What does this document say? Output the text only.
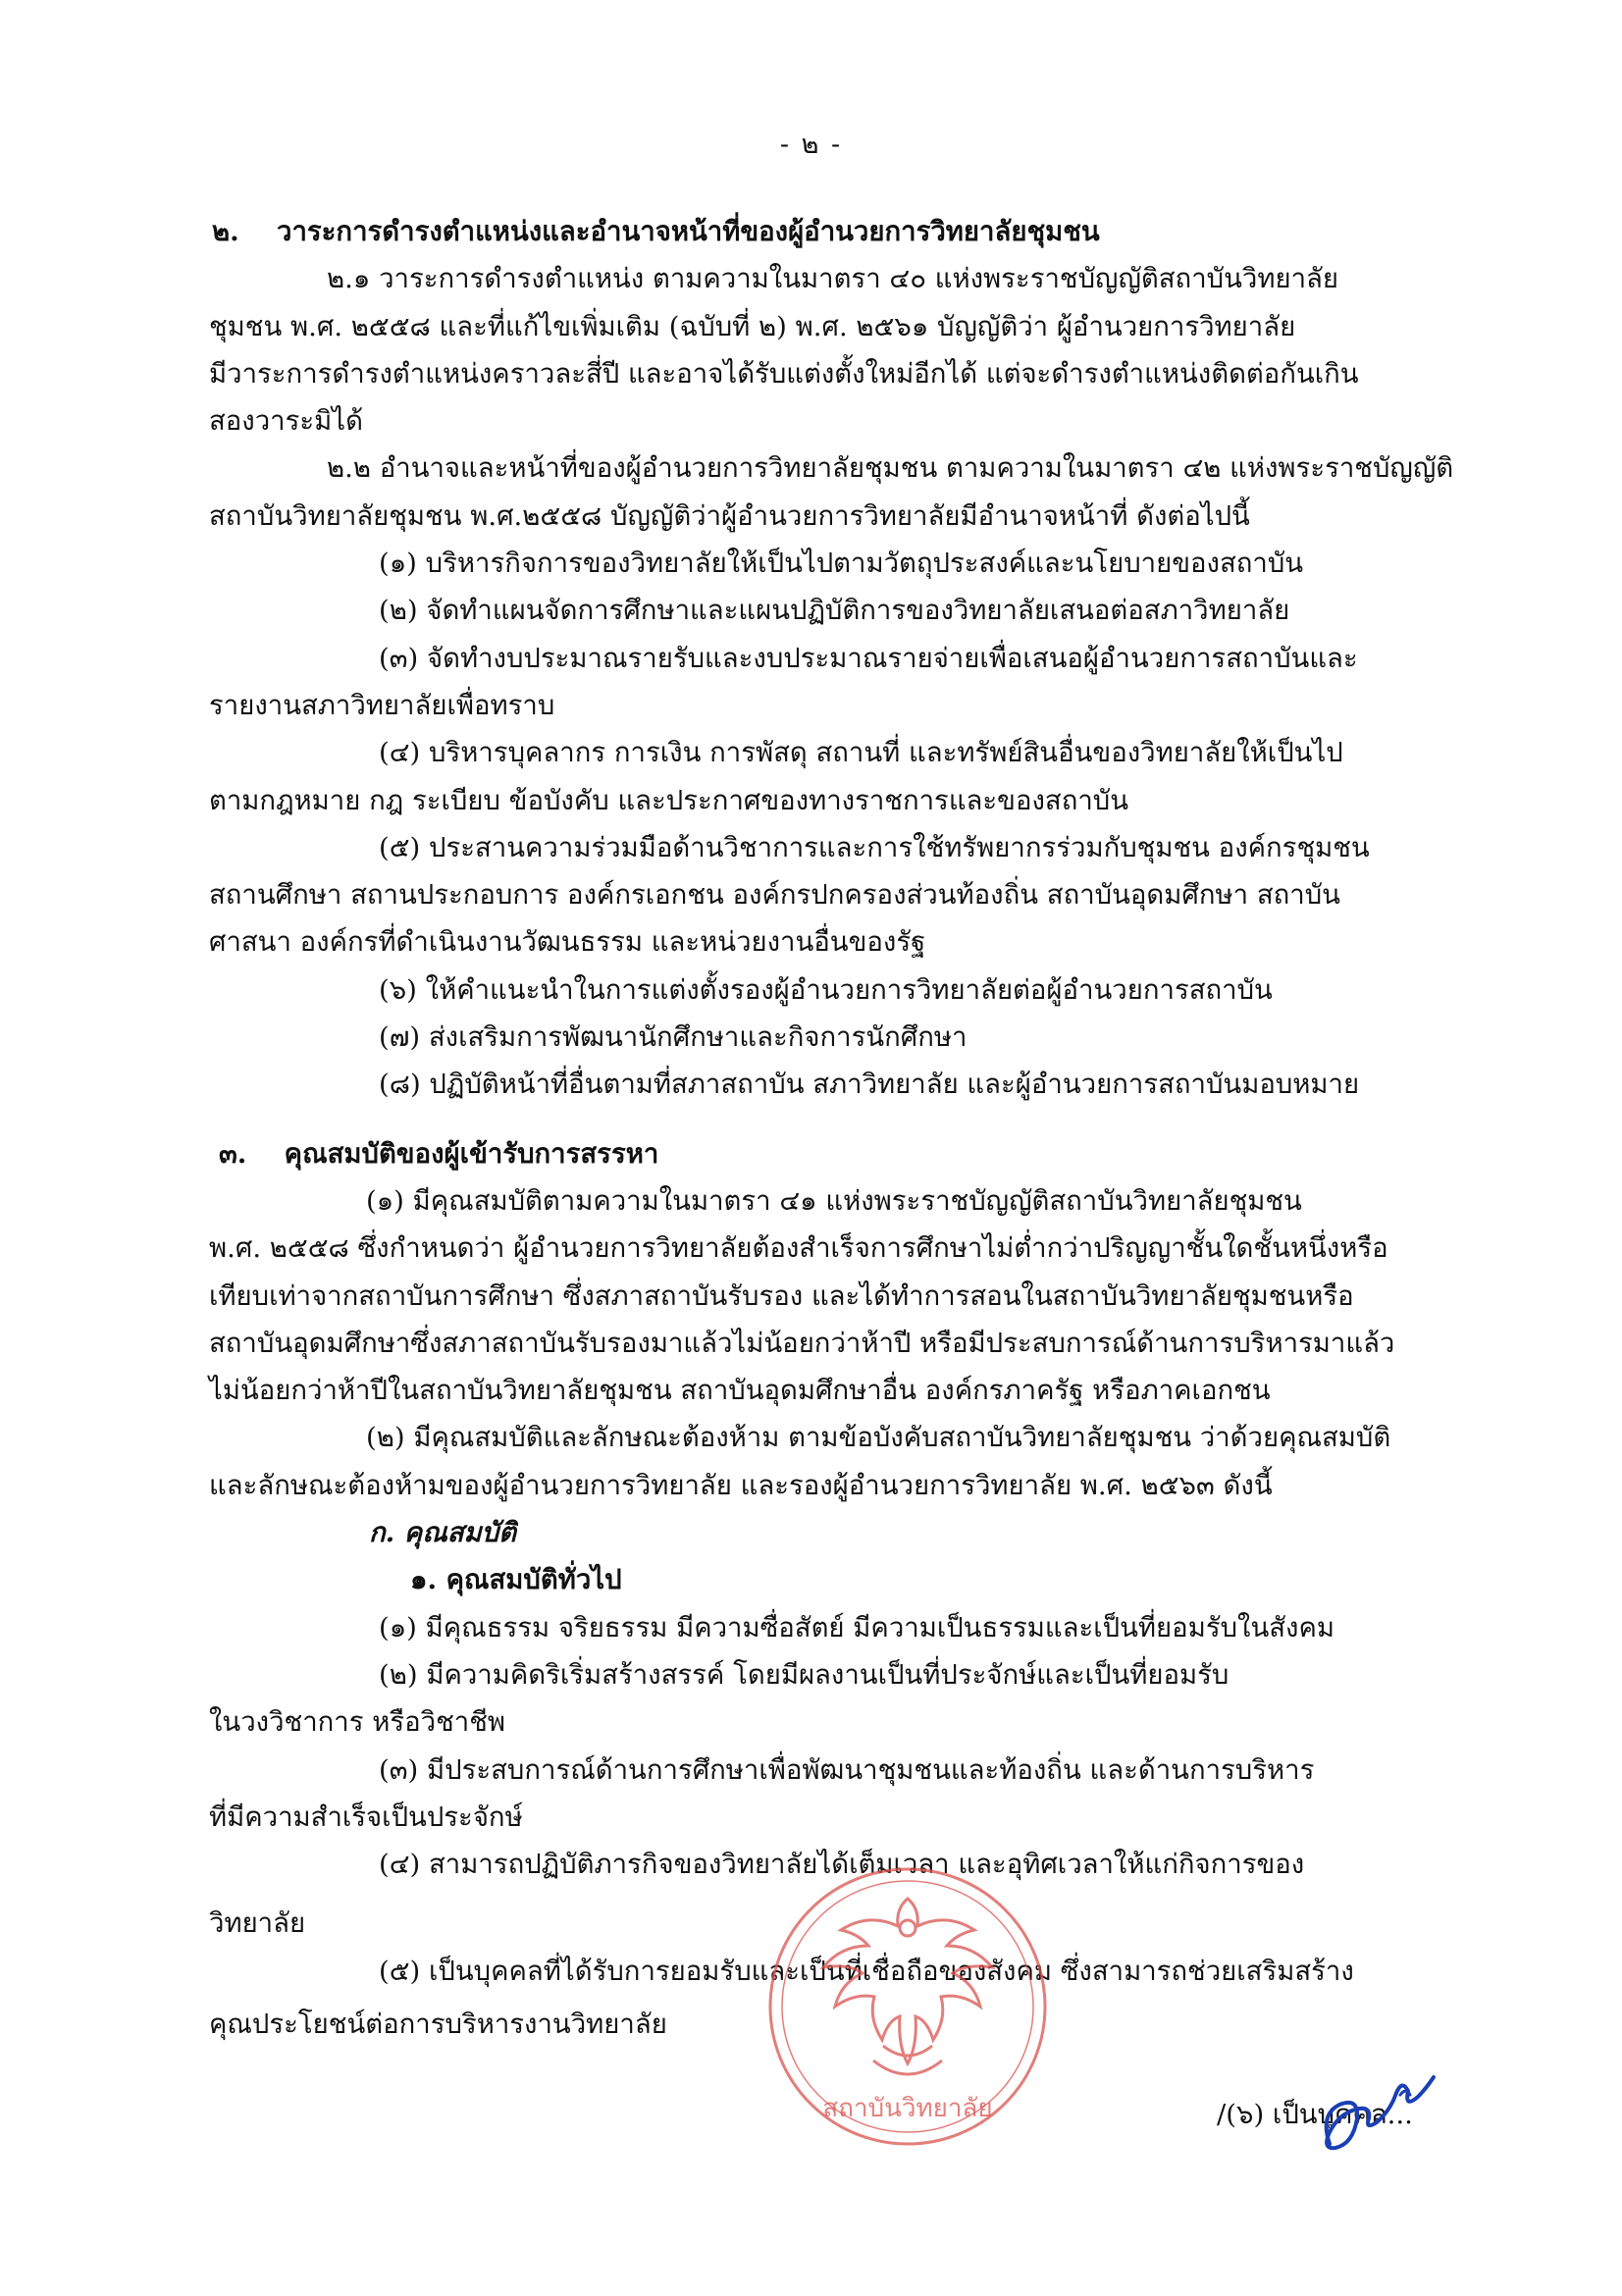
- ๒ -
๒. วาระการดำรงตำแหน่งและอำนาจหน้าที่ของผู้อำนวยการวิทยาลัยชุมชน
๒.๑ วาระการดำรงตำแหน่ง ตามความในมาตรา ๔๐ แห่งพระราชบัญญัติสถาบันวิทยาลัย
ชุมชน พ.ศ. ๒๕๕๘ และที่แก้ไขเพิ่มเติม (ฉบับที่ ๒) พ.ศ. ๒๕๖๑ บัญญัติว่า ผู้อำนวยการวิทยาลัย
มีวาระการดำรงตำแหน่งคราวละสี่ปี และอาจได้รับแต่งตั้งใหม่อีกได้ แต่จะดำรงตำแหน่งติดต่อกันเกิน
สองวาระมิได้
๒.๒ อำนาจและหน้าที่ของผู้อำนวยการวิทยาลัยชุมชน ตามความในมาตรา ๔๒ แห่งพระราชบัญญัติ
สถาบันวิทยาลัยชุมชน พ.ศ.๒๕๕๘ บัญญัติว่าผู้อำนวยการวิทยาลัยมีอำนาจหน้าที่ ดังต่อไปนี้
(๑) บริหารกิจการของวิทยาลัยให้เป็นไปตามวัตถุประสงค์และนโยบายของสถาบัน
(๒) จัดทำแผนจัดการศึกษาและแผนปฏิบัติการของวิทยาลัยเสนอต่อสภาวิทยาลัย
(๓) จัดทำงบประมาณรายรับและงบประมาณรายจ่ายเพื่อเสนอผู้อำนวยการสถาบันและ
รายงานสภาวิทยาลัยเพื่อทราบ
(๔) บริหารบุคลากร การเงิน การพัสดุ สถานที่ และทรัพย์สินอื่นของวิทยาลัยให้เป็นไป
ตามกฎหมาย กฎ ระเบียบ ข้อบังคับ และประกาศของทางราชการและของสถาบัน
(๕) ประสานความร่วมมือด้านวิชาการและการใช้ทรัพยากรร่วมกับชุมชน องค์กรชุมชน
สถานศึกษา สถานประกอบการ องค์กรเอกชน องค์กรปกครองส่วนท้องถิ่น สถาบันอุดมศึกษา สถาบัน
ศาสนา องค์กรที่ดำเนินงานวัฒนธรรม และหน่วยงานอื่นของรัฐ
(๖) ให้คำแนะนำในการแต่งตั้งรองผู้อำนวยการวิทยาลัยต่อผู้อำนวยการสถาบัน
(๗) ส่งเสริมการพัฒนานักศึกษาและกิจการนักศึกษา
(๘) ปฏิบัติหน้าที่อื่นตามที่สภาสถาบัน สภาวิทยาลัย และผู้อำนวยการสถาบันมอบหมาย
๓. คุณสมบัติของผู้เข้ารับการสรรหา
(๑) มีคุณสมบัติตามความในมาตรา ๔๑ แห่งพระราชบัญญัติสถาบันวิทยาลัยชุมชน
พ.ศ. ๒๕๕๘ ซึ่งกำหนดว่า ผู้อำนวยการวิทยาลัยต้องสำเร็จการศึกษาไม่ต่ำกว่าปริญญาชั้นใดชั้นหนึ่งหรือ
เทียบเท่าจากสถาบันการศึกษา ซึ่งสภาสถาบันรับรอง และได้ทำการสอนในสถาบันวิทยาลัยชุมชนหรือ
สถาบันอุดมศึกษาซึ่งสภาสถาบันรับรองมาแล้วไม่น้อยกว่าห้าปี หรือมีประสบการณ์ด้านการบริหารมาแล้ว
ไม่น้อยกว่าห้าปีในสถาบันวิทยาลัยชุมชน สถาบันอุดมศึกษาอื่น องค์กรภาครัฐ หรือภาคเอกชน
(๒) มีคุณสมบัติและลักษณะต้องห้าม ตามข้อบังคับสถาบันวิทยาลัยชุมชน ว่าด้วยคุณสมบัติ
และลักษณะต้องห้ามของผู้อำนวยการวิทยาลัย และรองผู้อำนวยการวิทยาลัย พ.ศ. ๒๕๖๓ ดังนี้
ก. คุณสมบัติ
๑. คุณสมบัติทั่วไป
(๑) มีคุณธรรม จริยธรรม มีความซื่อสัตย์ มีความเป็นธรรมและเป็นที่ยอมรับในสังคม
(๒) มีความคิดริเริ่มสร้างสรรค์ โดยมีผลงานเป็นที่ประจักษ์และเป็นที่ยอมรับ
ในวงวิชาการ หรือวิชาชีพ
(๓) มีประสบการณ์ด้านการศึกษาเพื่อพัฒนาชุมชนและท้องถิ่น และด้านการบริหาร
ที่มีความสำเร็จเป็นประจักษ์
(๔) สามารถปฏิบัติภารกิจของวิทยาลัยได้เต็มเวลา และอุทิศเวลาให้แก่กิจการของ
วิทยาลัย
(๕) เป็นบุคคลที่ได้รับการยอมรับและเป็นที่เชื่อถือของสังคม ซึ่งสามารถช่วยเสริมสร้าง
คุณประโยชน์ต่อการบริหารงานวิทยาลัย
สถาบันวิทยาลัย	/(๖) เป็นบุคคล...
